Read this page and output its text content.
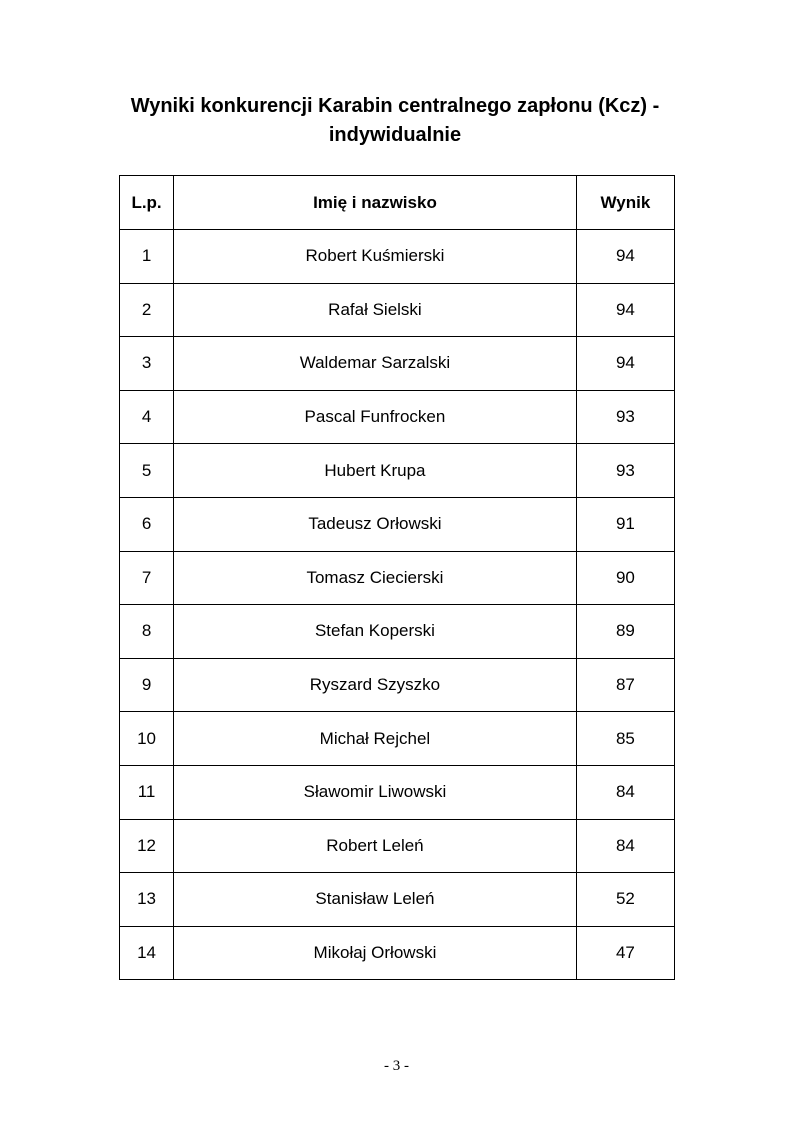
Wyniki konkurencji Karabin centralnego zapłonu (Kcz) - indywidualnie
L.p.	Imię i nazwisko	Wynik
1	Robert Kuśmierski	94
2	Rafał Sielski	94
3	Waldemar Sarzalski	94
4	Pascal Funfrocken	93
5	Hubert Krupa	93
6	Tadeusz Orłowski	91
7	Tomasz Ciecierski	90
8	Stefan Koperski	89
9	Ryszard Szyszko	87
10	Michał Rejchel	85
11	Sławomir Liwowski	84
12	Robert Leleń	84
13	Stanisław Leleń	52
14	Mikołaj Orłowski	47
- 3 -
